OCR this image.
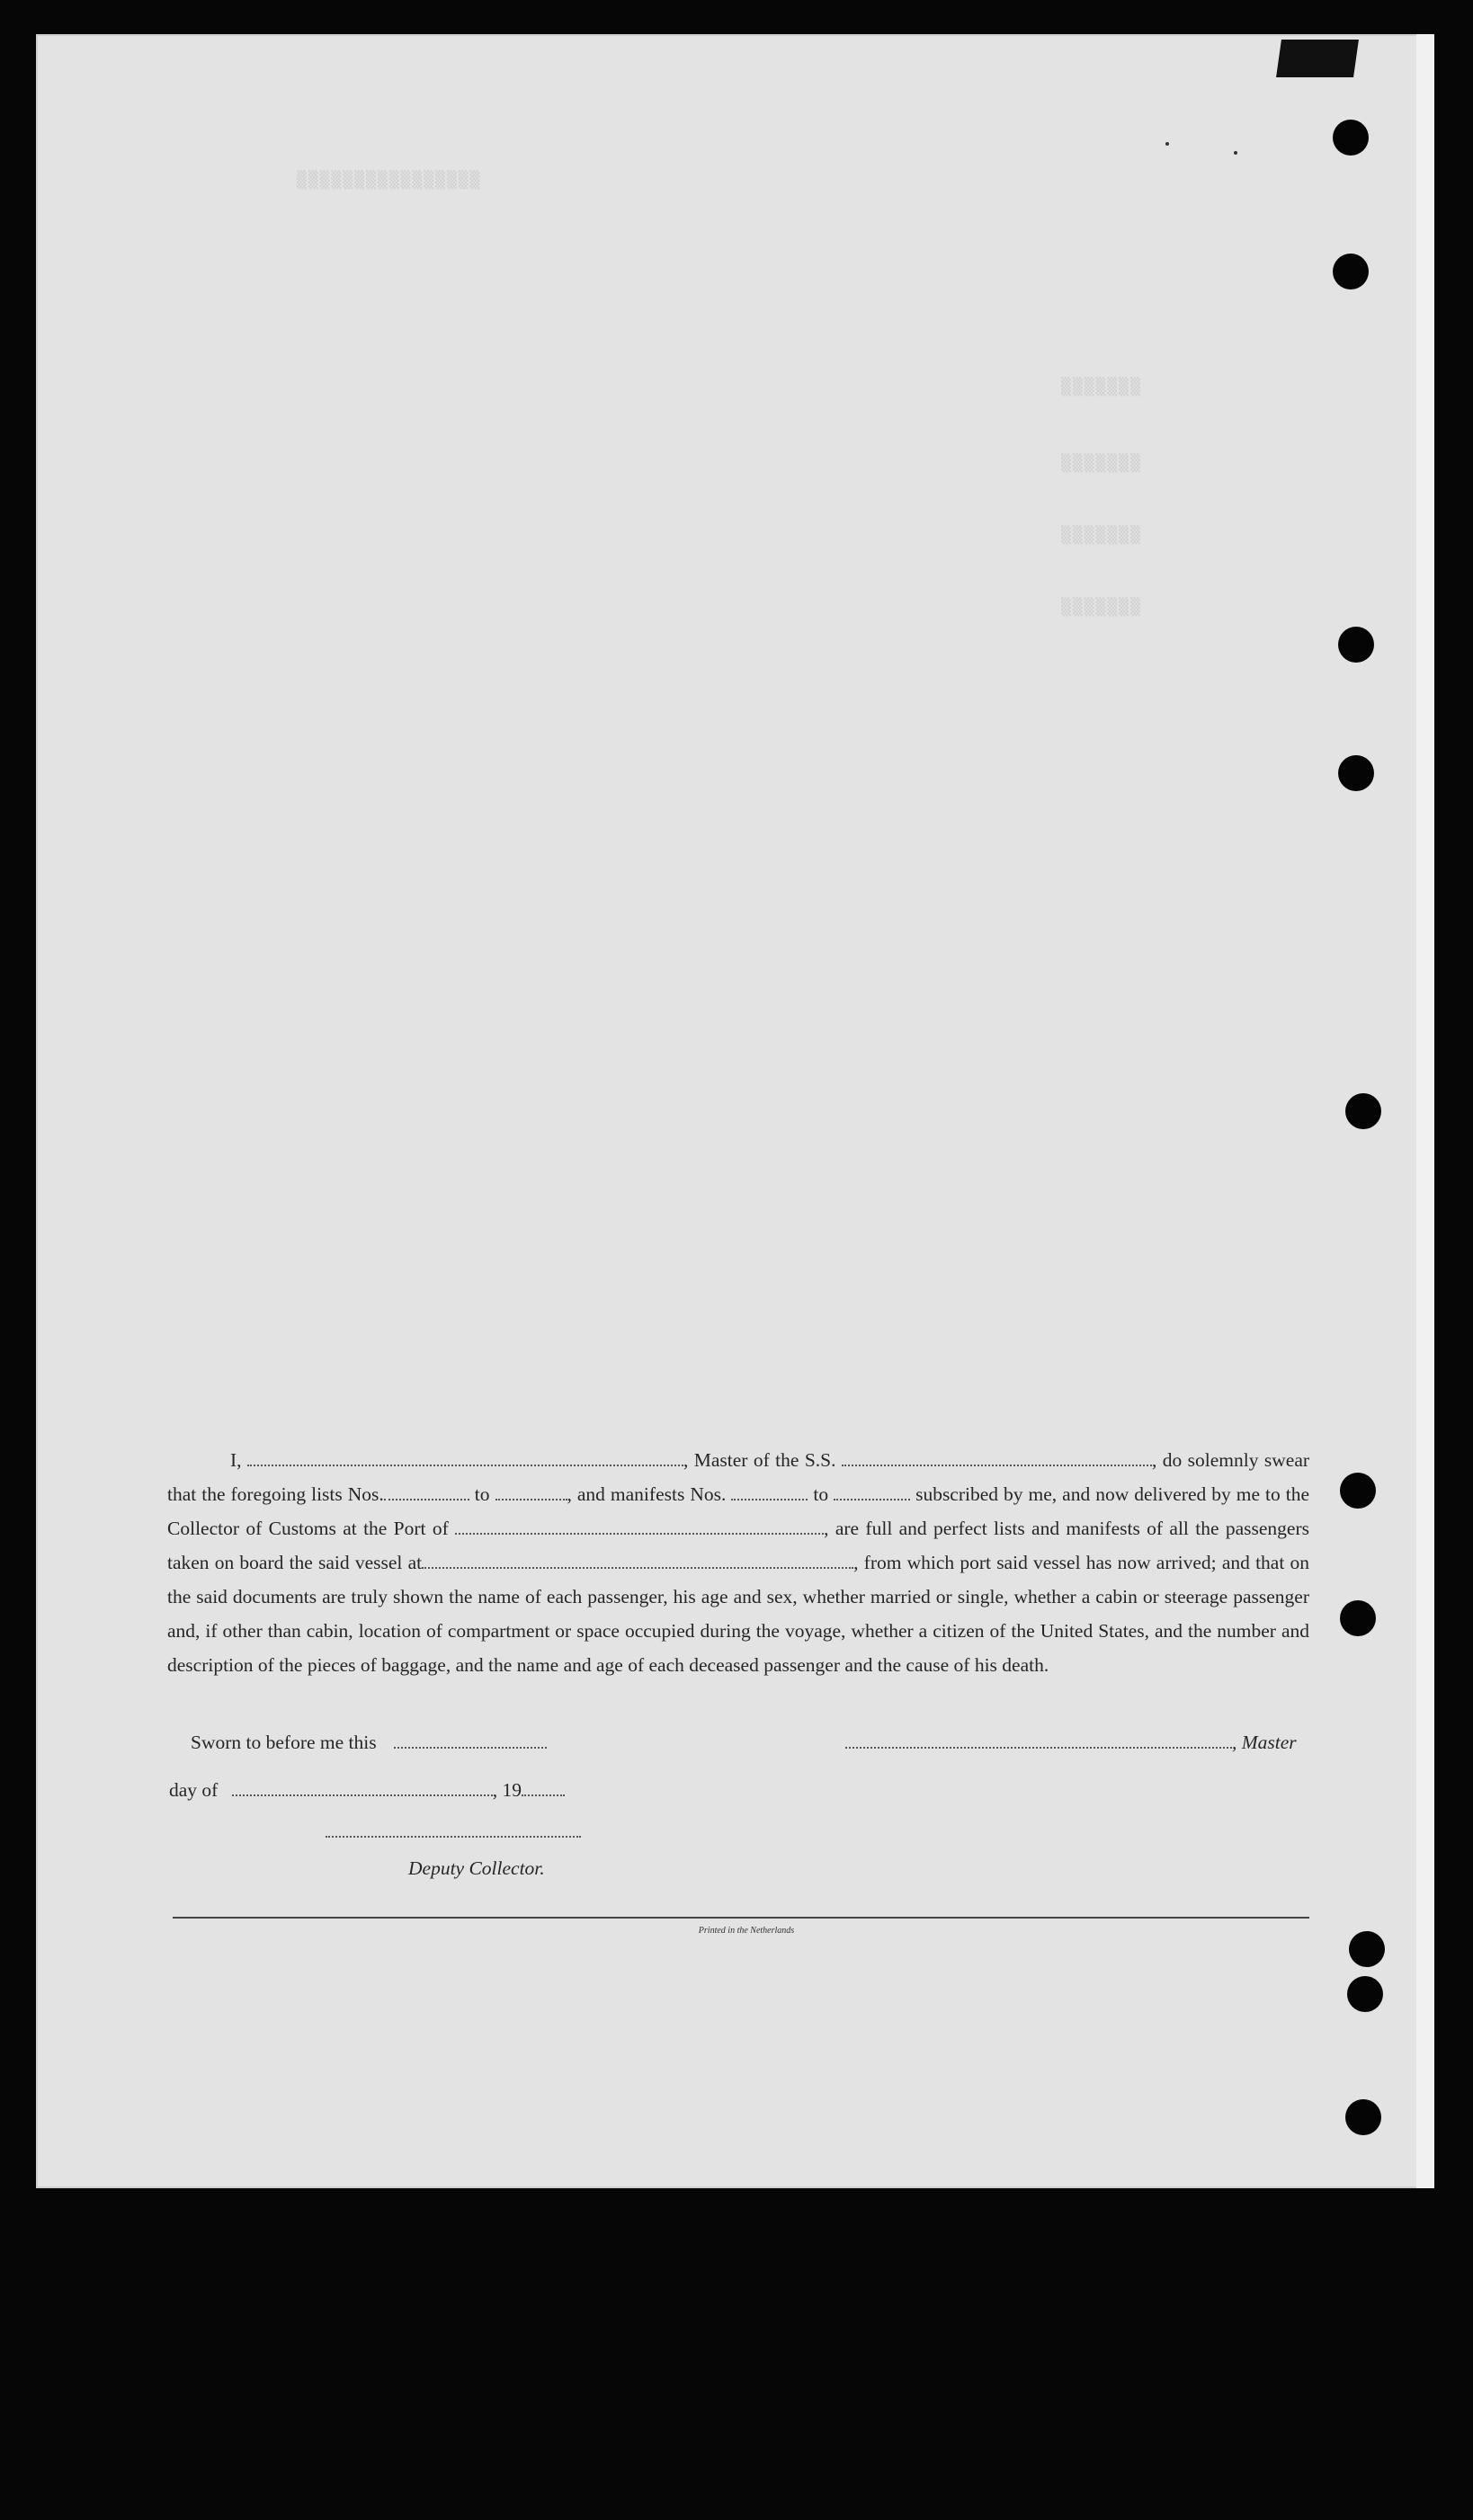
▒▒▒▒▒▒▒▒▒▒▒▒▒▒▒▒
▒▒▒▒▒▒▒
▒▒▒▒▒▒▒
▒▒▒▒▒▒▒
▒▒▒▒▒▒▒

I,	, Master of the S.S.	, do solemnly swear that the foregoing lists Nos.	to	, and manifests Nos.	to	subscribed by me, and now delivered by me to the Collector of Customs at the Port of	, are full and perfect lists and manifests of all the passengers taken on board the said vessel at	, from which port said vessel has now arrived; and that on the said documents are truly shown the name of each passenger, his age and sex, whether married or single, whether a cabin or steerage passenger and, if other than cabin, location of compartment or space occupied during the voyage, whether a citizen of the United States, and the number and description of the pieces of baggage, and the name and age of each deceased passenger and the cause of his death.

Sworn to before me this	, Master
day of	, 19
Deputy Collector.
Printed in the Netherlands
